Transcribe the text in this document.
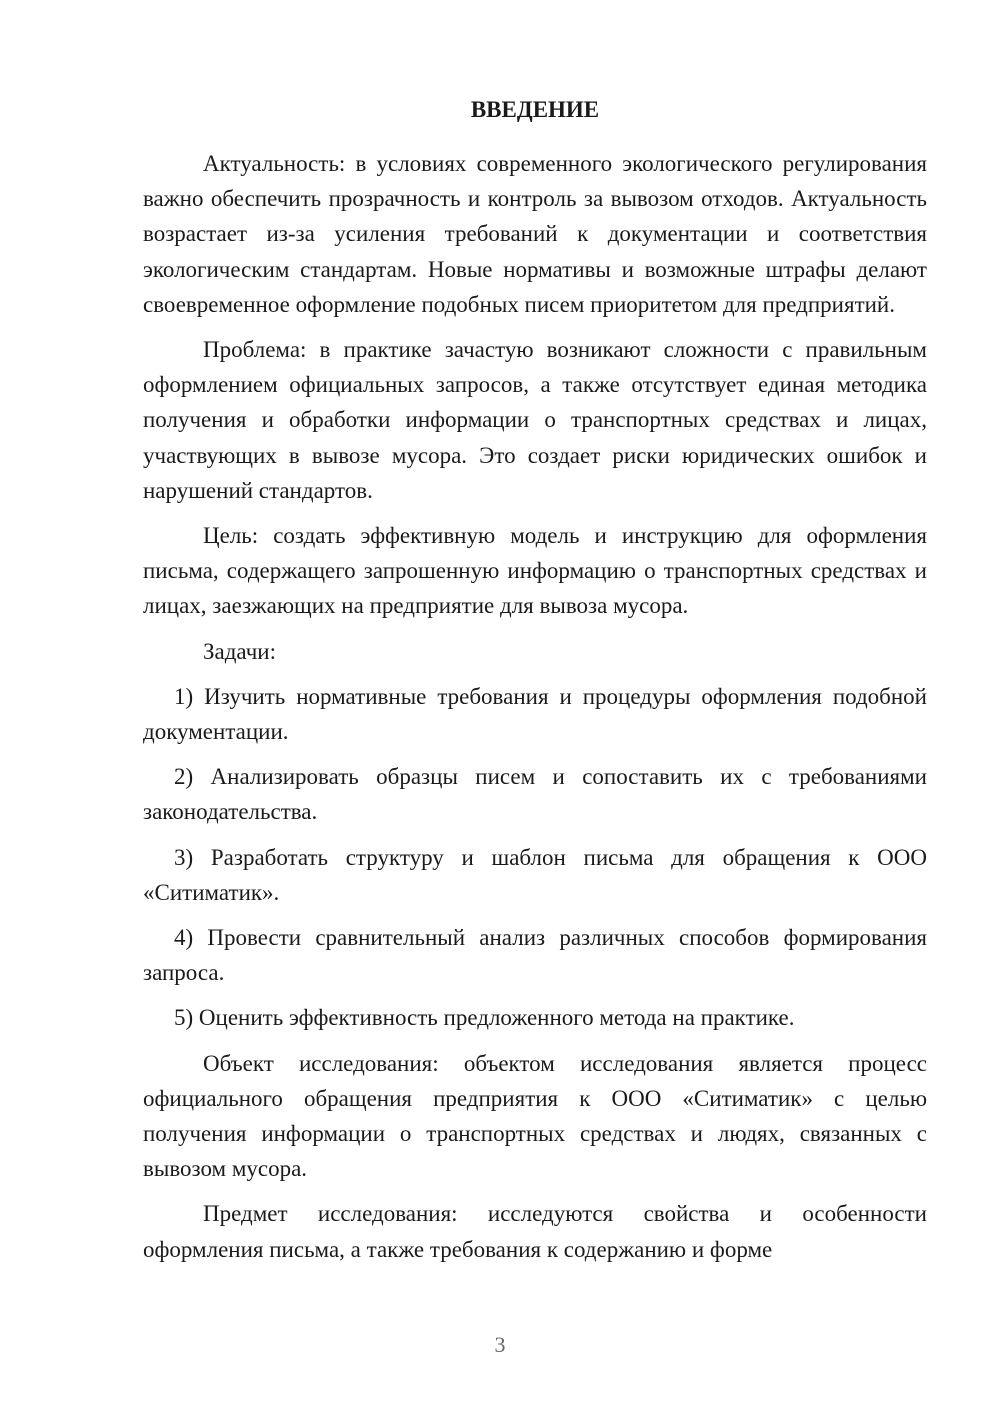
ВВЕДЕНИЕ

Актуальность: в условиях современного экологического регулирования важно обеспечить прозрачность и контроль за вывозом отходов. Актуальность возрастает из-за усиления требований к документации и соответствия экологическим стандартам. Новые нормативы и возможные штрафы делают своевременное оформление подобных писем приоритетом для предприятий.

Проблема: в практике зачастую возникают сложности с правильным оформлением официальных запросов, а также отсутствует единая методика получения и обработки информации о транспортных средствах и лицах, участвующих в вывозе мусора. Это создает риски юридических ошибок и нарушений стандартов.

Цель: создать эффективную модель и инструкцию для оформления письма, содержащего запрошенную информацию о транспортных средствах и лицах, заезжающих на предприятие для вывоза мусора.

Задачи:

1) Изучить нормативные требования и процедуры оформления подобной документации.

2) Анализировать образцы писем и сопоставить их с требованиями законодательства.

3) Разработать структуру и шаблон письма для обращения к ООО «Ситиматик».

4) Провести сравнительный анализ различных способов формирования запроса.

5) Оценить эффективность предложенного метода на практике.

Объект исследования: объектом исследования является процесс официального обращения предприятия к ООО «Ситиматик» с целью получения информации о транспортных средствах и людях, связанных с вывозом мусора.

Предмет исследования: исследуются свойства и особенности оформления письма, а также требования к содержанию и форме

3
